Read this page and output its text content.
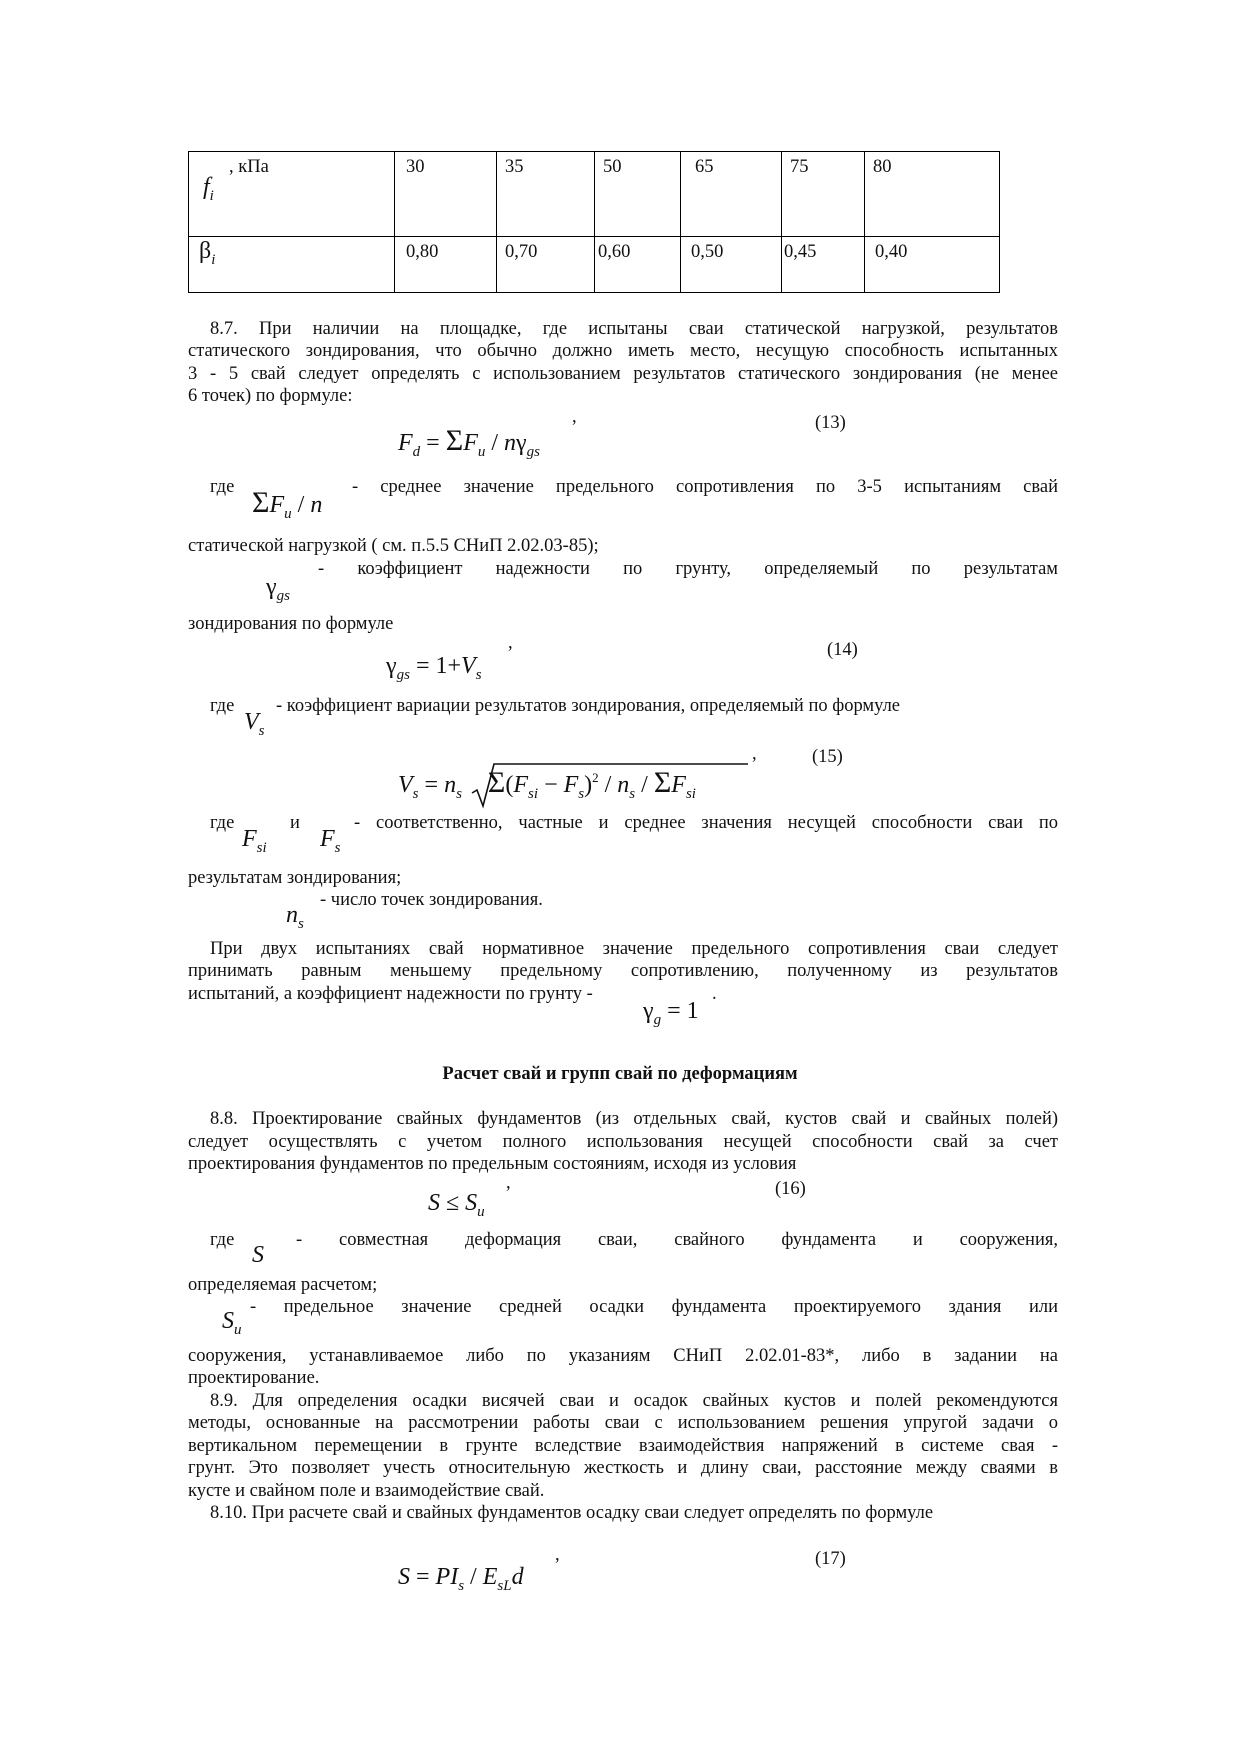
, кПа
$f_i$	30	35	50	65	75	80

$\beta_i$	0,80	0,70	0,60	0,50	0,45	0,40
8.7. При наличии на площадке, где испытаны сваи статической нагрузкой, результатов
статического зондирования, что обычно должно иметь место, несущую способность испытанных
3 - 5 свай следует определять с использованием результатов статического зондирования (не менее
6 точек) по формуле:
,	(13)
$F_d = \Sigma F_u / n\gamma_{gs}$
где	- среднее значение предельного сопротивления по 3-5 испытаниям свай
$\Sigma F_u$ / n
статической нагрузкой ( см. п.5.5 СНиП 2.02.03-85);
- коэффициент надежности по грунту, определяемый по результатам
$\gamma_{gs}$
зондирования по формуле
,	(14)
$\gamma_{gs} = 1+V_s$
где - коэффициент вариации результатов зондирования, определяемый по формуле
$V_s$
,	(15)
$V_s = n_s$ $\Sigma(F_{si} - F_s)^2 / n_s / \Sigma F_{si}$
где	и	- соответственно, частные и среднее значения несущей способности сваи по
$F_{si}$ $F_s$
результатам зондирования;
- число точек зондирования.
$n_s$
При двух испытаниях свай нормативное значение предельного сопротивления сваи следует
принимать равным меньшему предельному сопротивлению, полученному из результатов
испытаний, а коэффициент надежности по грунту -	.
$\gamma_g = 1$
Расчет свай и групп свай по деформациям
8.8. Проектирование свайных фундаментов (из отдельных свай, кустов свай и свайных полей)
следует осуществлять с учетом полного использования несущей способности свай за счет
проектирования фундаментов по предельным состояниям, исходя из условия
,	(16)
$S \le S_u$
где	- совместная деформация сваи, свайного фундамента и сооружения,
S
определяемая расчетом;
- предельное значение средней осадки фундамента проектируемого здания или
$S_u$
сооружения, устанавливаемое либо по указаниям СНиП 2.02.01-83*, либо в задании на
проектирование.
8.9. Для определения осадки висячей сваи и осадок свайных кустов и полей рекомендуются
методы, основанные на рассмотрении работы сваи с использованием решения упругой задачи о
вертикальном перемещении в грунте вследствие взаимодействия напряжений в системе свая -
грунт. Это позволяет учесть относительную жесткость и длину сваи, расстояние между сваями в
кусте и свайном поле и взаимодействие свай.
8.10. При расчете свай и свайных фундаментов осадку сваи следует определять по формуле
,	(17)
$S = PI_s / E_{sL}d$
